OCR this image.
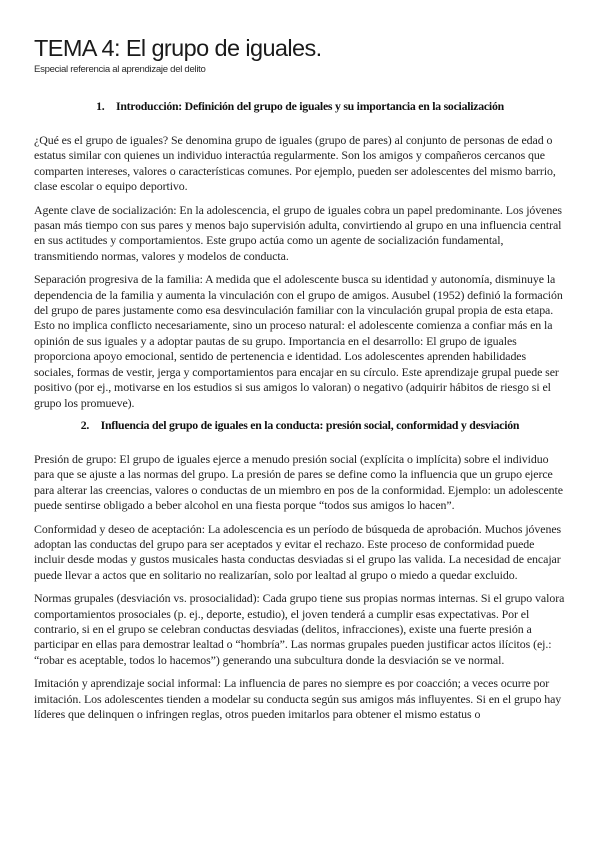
TEMA 4: El grupo de iguales.

Especial referencia al aprendizaje del delito

1. Introducción: Definición del grupo de iguales y su importancia en la socialización

¿Qué es el grupo de iguales? Se denomina grupo de iguales (grupo de pares) al conjunto de personas de edad o estatus similar con quienes un individuo interactúa regularmente. Son los amigos y compañeros cercanos que comparten intereses, valores o características comunes. Por ejemplo, pueden ser adolescentes del mismo barrio, clase escolar o equipo deportivo.

Agente clave de socialización: En la adolescencia, el grupo de iguales cobra un papel predominante. Los jóvenes pasan más tiempo con sus pares y menos bajo supervisión adulta, convirtiendo al grupo en una influencia central en sus actitudes y comportamientos. Este grupo actúa como un agente de socialización fundamental, transmitiendo normas, valores y modelos de conducta.

Separación progresiva de la familia: A medida que el adolescente busca su identidad y autonomía, disminuye la dependencia de la familia y aumenta la vinculación con el grupo de amigos. Ausubel (1952) definió la formación del grupo de pares justamente como esa desvinculación familiar con la vinculación grupal propia de esta etapa. Esto no implica conflicto necesariamente, sino un proceso natural: el adolescente comienza a confiar más en la opinión de sus iguales y a adoptar pautas de su grupo. Importancia en el desarrollo: El grupo de iguales proporciona apoyo emocional, sentido de pertenencia e identidad. Los adolescentes aprenden habilidades sociales, formas de vestir, jerga y comportamientos para encajar en su círculo. Este aprendizaje grupal puede ser positivo (por ej., motivarse en los estudios si sus amigos lo valoran) o negativo (adquirir hábitos de riesgo si el grupo los promueve).

2. Influencia del grupo de iguales en la conducta: presión social, conformidad y desviación

Presión de grupo: El grupo de iguales ejerce a menudo presión social (explícita o implícita) sobre el individuo para que se ajuste a las normas del grupo. La presión de pares se define como la influencia que un grupo ejerce para alterar las creencias, valores o conductas de un miembro en pos de la conformidad. Ejemplo: un adolescente puede sentirse obligado a beber alcohol en una fiesta porque “todos sus amigos lo hacen”.

Conformidad y deseo de aceptación: La adolescencia es un período de búsqueda de aprobación. Muchos jóvenes adoptan las conductas del grupo para ser aceptados y evitar el rechazo. Este proceso de conformidad puede incluir desde modas y gustos musicales hasta conductas desviadas si el grupo las valida. La necesidad de encajar puede llevar a actos que en solitario no realizarían, solo por lealtad al grupo o miedo a quedar excluido.

Normas grupales (desviación vs. prosocialidad): Cada grupo tiene sus propias normas internas. Si el grupo valora comportamientos prosociales (p. ej., deporte, estudio), el joven tenderá a cumplir esas expectativas. Por el contrario, si en el grupo se celebran conductas desviadas (delitos, infracciones), existe una fuerte presión a participar en ellas para demostrar lealtad o “hombría”. Las normas grupales pueden justificar actos ilícitos (ej.: “robar es aceptable, todos lo hacemos”) generando una subcultura donde la desviación se ve normal.

Imitación y aprendizaje social informal: La influencia de pares no siempre es por coacción; a veces ocurre por imitación. Los adolescentes tienden a modelar su conducta según sus amigos más influyentes. Si en el grupo hay líderes que delinquen o infringen reglas, otros pueden imitarlos para obtener el mismo estatus o
